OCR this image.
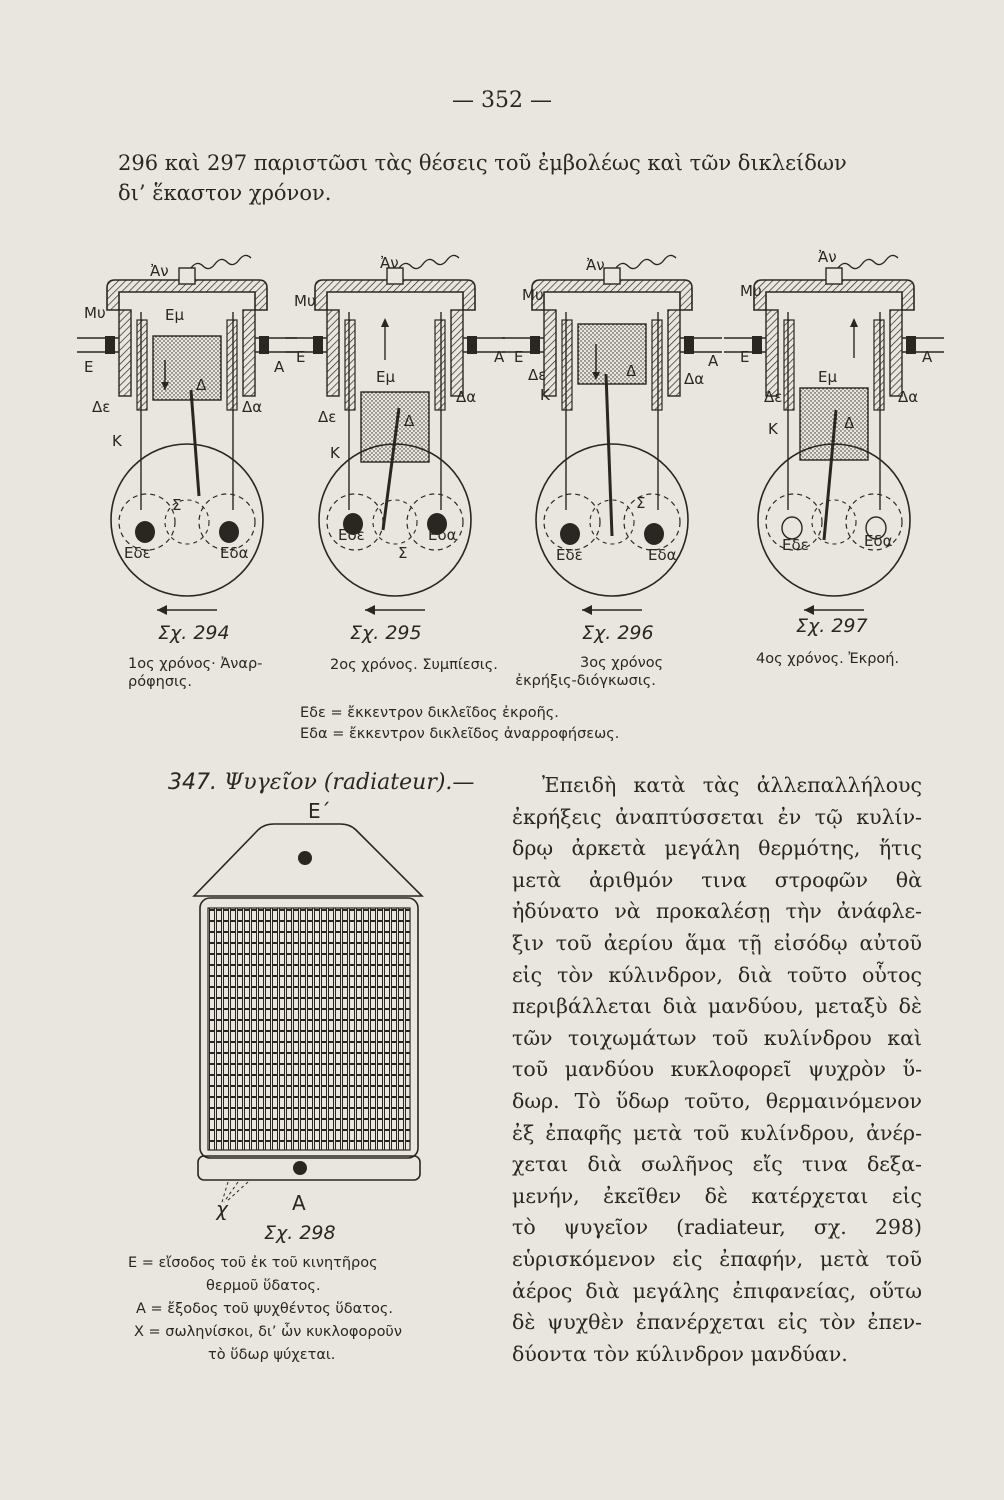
— 352 —
296 καὶ 297 παριστῶσι τὰς θέσεις τοῦ ἐμβολέως καὶ τῶν δικλείδων
δι’ ἕκαστον χρόνον.
Ἀν
Μυ	Εμ
Ε	Α
Δε	Δα
Κ
Δ
Σ
Εδε	Εδα
Ἀν
Μυ
Ε	Α
Εμ
Δε
Δα
Δ
Κ
Σ
Εδε	Εδα
Ἀν
Μυ
Ε	Α
Δε	Δα
Κ
Δ
Σ
Εδε	Εδα
Ἀν
Μυ
Ε	Α
Εμ
Δε	Δα
Κ	Δ
Εδε	Εδα
Σχ. 294	Σχ. 295	Σχ. 296	Σχ. 297
1ος χρόνος· Ἀναρ-
ρόφησις.
2ος χρόνος. Συμπίεσις.	3ος χρόνος
ἐκρήξις-διόγκωσις.
4ος χρόνος. Ἐκροή.
Εδε = ἔκκεντρον δικλεῖδος ἐκροῆς.
Εδα = ἔκκεντρον δικλεῖδος ἀναρροφήσεως.
347. Ψυγεῖον (radiateur).—	Ἐπειδὴ κατὰ τὰς ἀλλεπαλλήλους
ἐκρήξεις ἀναπτύσσεται ἐν τῷ κυλίν-
δρῳ ἀρκετὰ μεγάλη θερμότης, ἥτις
μετὰ ἀριθμόν τινα στροφῶν θὰ
ἠδύνατο νὰ προκαλέσῃ τὴν ἀνάφλε-
ξιν τοῦ ἀερίου ἅμα τῇ εἰσόδῳ αὐτοῦ
εἰς τὸν κύλινδρον, διὰ τοῦτο οὗτος
περιβάλλεται διὰ μανδύου, μεταξὺ δὲ
τῶν τοιχωμάτων τοῦ κυλίνδρου καὶ
τοῦ μανδύου κυκλοφορεῖ ψυχρὸν ὕ-
δωρ. Τὸ ὕδωρ τοῦτο, θερμαινόμενον
ἐξ ἐπαφῆς μετὰ τοῦ κυλίνδρου, ἀνέρ-
χεται διὰ σωλῆνος εἴς τινα δεξα-
μενήν, ἐκεῖθεν δὲ κατέρχεται εἰς
τὸ ψυγεῖον (radiateur, σχ. 298)
εὑρισκόμενον εἰς ἐπαφήν, μετὰ τοῦ
ἀέρος διὰ μεγάλης ἐπιφανείας, οὕτω
δὲ ψυχθὲν ἐπανέρχεται εἰς τὸν ἐπεν-
δύοντα τὸν κύλινδρον μανδύαν.
Ε´
Α
χ
Σχ. 298
Ε = εἴσοδος τοῦ ἐκ τοῦ κινητῆρος
θερμοῦ ὕδατος.
Α = ἔξοδος τοῦ ψυχθέντος ὕδατος.
Χ = σωληνίσκοι, δι’ ὧν κυκλοφοροῦν
τὸ ὕδωρ ψύχεται.
